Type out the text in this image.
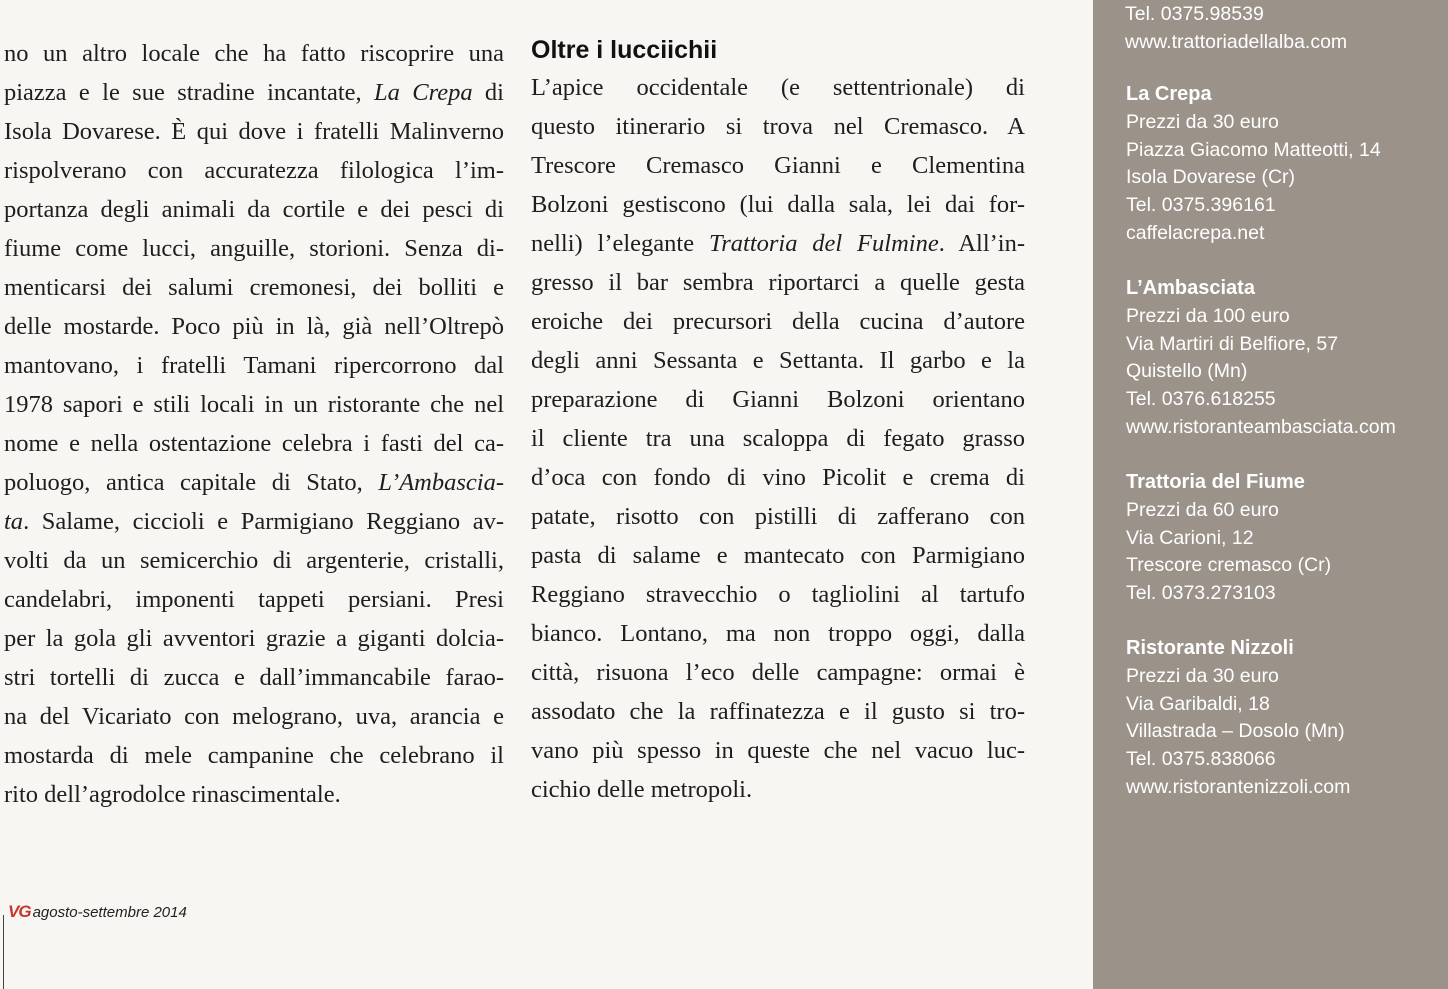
no un altro locale che ha fatto riscoprire una

piazza e le sue stradine incantate, La Crepa di

Isola Dovarese. È qui dove i fratelli Malinverno

rispolverano con accuratezza filologica l’im-

portanza degli animali da cortile e dei pesci di

fiume come lucci, anguille, storioni. Senza di-

menticarsi dei salumi cremonesi, dei bolliti e

delle mostarde. Poco più in là, già nell’Oltrepò

mantovano, i fratelli Tamani ripercorrono dal

1978 sapori e stili locali in un ristorante che nel

nome e nella ostentazione celebra i fasti del ca-

poluogo, antica capitale di Stato, L’Ambascia-

ta. Salame, ciccioli e Parmigiano Reggiano av-

volti da un semicerchio di argenterie, cristalli,

candelabri, imponenti tappeti persiani. Presi

per la gola gli avventori grazie a giganti dolcia-

stri tortelli di zucca e dall’immancabile farao-

na del Vicariato con melograno, uva, arancia e

mostarda di mele campanine che celebrano il

rito dell’agrodolce rinascimentale.

Oltre i lucciichii

L’apice occidentale (e settentrionale) di

questo itinerario si trova nel Cremasco. A

Trescore Cremasco Gianni e Clementina

Bolzoni gestiscono (lui dalla sala, lei dai for-

nelli) l’elegante Trattoria del Fulmine. All’in-

gresso il bar sembra riportarci a quelle gesta

eroiche dei precursori della cucina d’autore

degli anni Sessanta e Settanta. Il garbo e la

preparazione di Gianni Bolzoni orientano

il cliente tra una scaloppa di fegato grasso

d’oca con fondo di vino Picolit e crema di

patate, risotto con pistilli di zafferano con

pasta di salame e mantecato con Parmigiano

Reggiano stravecchio o tagliolini al tartufo

bianco. Lontano, ma non troppo oggi, dalla

città, risuona l’eco delle campagne: ormai è

assodato che la raffinatezza e il gusto si tro-

vano più spesso in queste che nel vacuo luc-

cichio delle metropoli.

VG agosto-settembre 2014
Tel. 0375.98539
www.trattoriadellalba.com
La Crepa
Prezzi da 30 euro
Piazza Giacomo Matteotti, 14
Isola Dovarese (Cr)
Tel. 0375.396161
caffelacrepa.net
L’Ambasciata
Prezzi da 100 euro
Via Martiri di Belfiore, 57
Quistello (Mn)
Tel. 0376.618255
www.ristoranteambasciata.com
Trattoria del Fiume
Prezzi da 60 euro
Via Carioni, 12
Trescore cremasco (Cr)
Tel. 0373.273103
Ristorante Nizzoli
Prezzi da 30 euro
Via Garibaldi, 18
Villastrada – Dosolo (Mn)
Tel. 0375.838066
www.ristorantenizzoli.com
